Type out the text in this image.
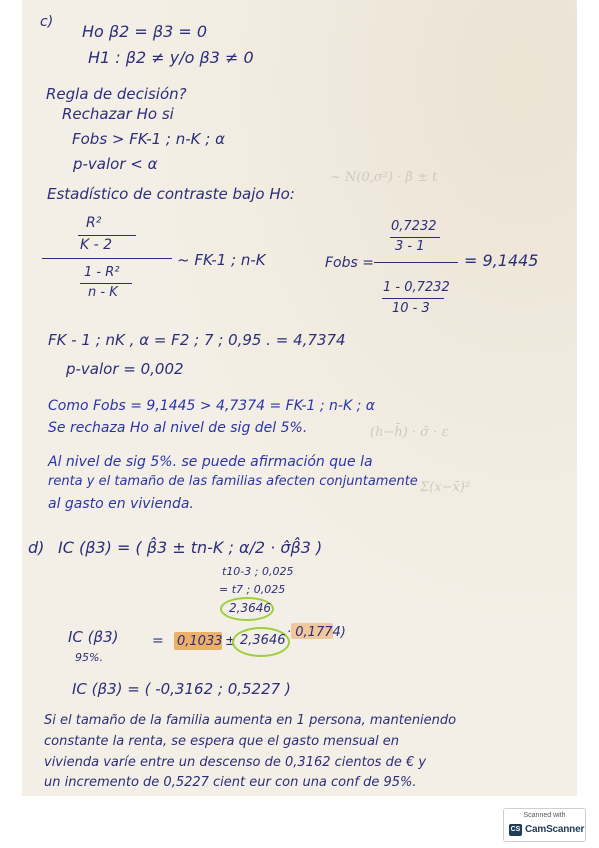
~ N(0,σ²) · β̂ ± t
(h−h̄) · σ̂ · ε
Σ(x−x̄)²
c) Ho β2 = β3 = 0
H1 : β2 ≠ y/o β3 ≠ 0
Regla de decisión?
Rechazar Ho si
Fobs > FK-1 ; n-K ; α
p-valor < α
Estadístico de contraste bajo Ho:
R²
K - 2
1 - R²
n - K
~ FK-1 ; n-K	Fobs =
0,7232
3 - 1
1 - 0,7232
10 - 3
= 9,1445
FK - 1 ; nK , α = F2 ; 7 ; 0,95 . = 4,7374
p-valor = 0,002
Como Fobs = 9,1445 > 4,7374 = FK-1 ; n-K ; α
Se rechaza Ho al nivel de sig del 5%.
Al nivel de sig 5%. se puede afirmación que la
renta y el tamaño de las familias afecten conjuntamente
al gasto en vivienda.
d) IC (β3) = ( β̂3 ± tn-K ; α/2 · σ̂β̂3 )
t10-3 ; 0,025
= t7 ; 0,025
2,3646
IC (β3)
95%.
= 0,1033 ± 2,3646
· 0,1774)
IC (β3) = ( -0,3162 ; 0,5227 )
Si el tamaño de la familia aumenta en 1 persona, manteniendo
constante la renta, se espera que el gasto mensual en
vivienda varíe entre un descenso de 0,3162 cientos de € y
un incremento de 0,5227 cient eur con una conf de 95%.
Scanned with
CS CamScanner
